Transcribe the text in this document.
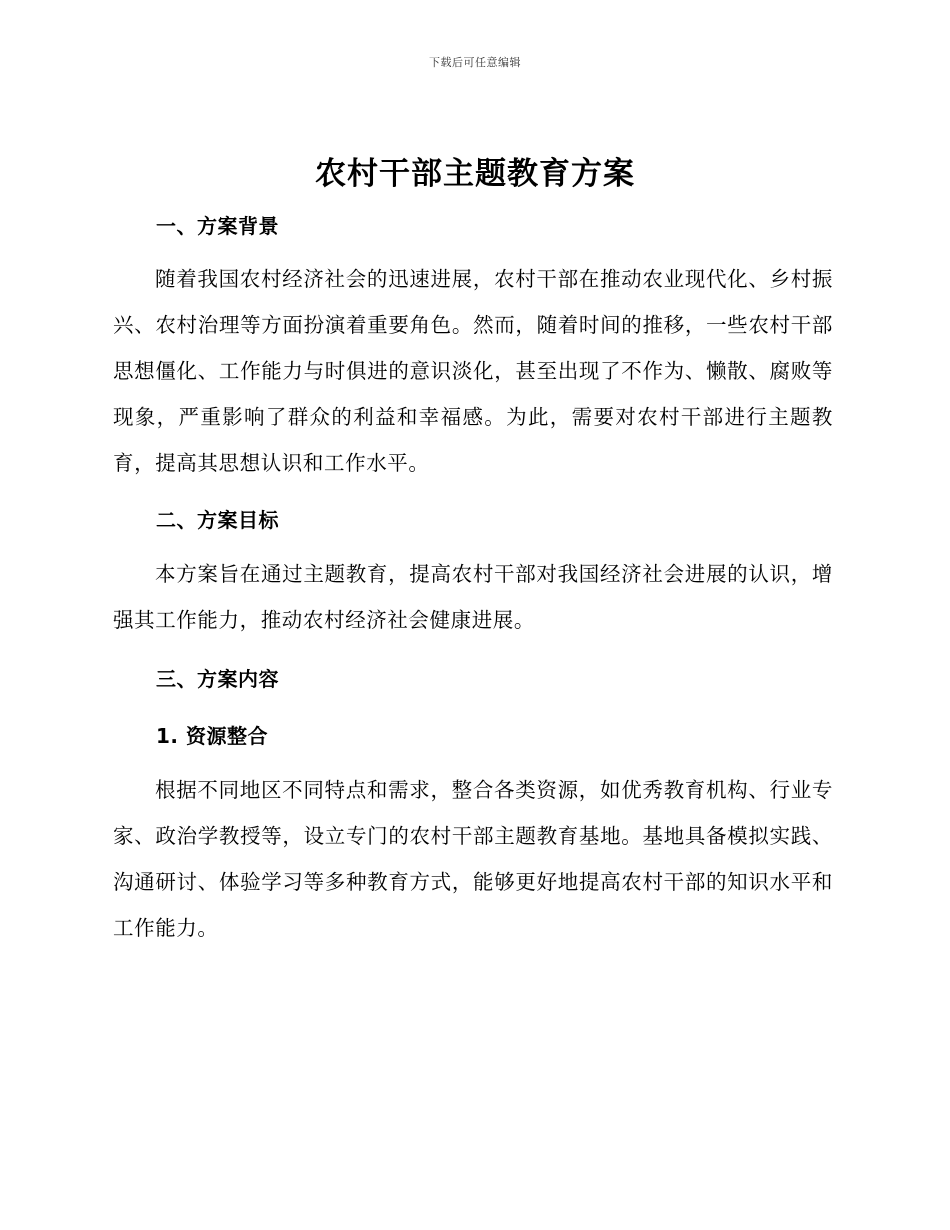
下载后可任意编辑
农村干部主题教育方案
一、方案背景
随着我国农村经济社会的迅速进展，农村干部在推动农业现代化、乡村振兴、农村治理等方面扮演着重要角色。然而，随着时间的推移，一些农村干部思想僵化、工作能力与时俱进的意识淡化，甚至出现了不作为、懒散、腐败等现象，严重影响了群众的利益和幸福感。为此，需要对农村干部进行主题教育，提高其思想认识和工作水平。
二、方案目标
本方案旨在通过主题教育，提高农村干部对我国经济社会进展的认识，增强其工作能力，推动农村经济社会健康进展。
三、方案内容
1. 资源整合
根据不同地区不同特点和需求，整合各类资源，如优秀教育机构、行业专家、政治学教授等，设立专门的农村干部主题教育基地。基地具备模拟实践、沟通研讨、体验学习等多种教育方式，能够更好地提高农村干部的知识水平和工作能力。
